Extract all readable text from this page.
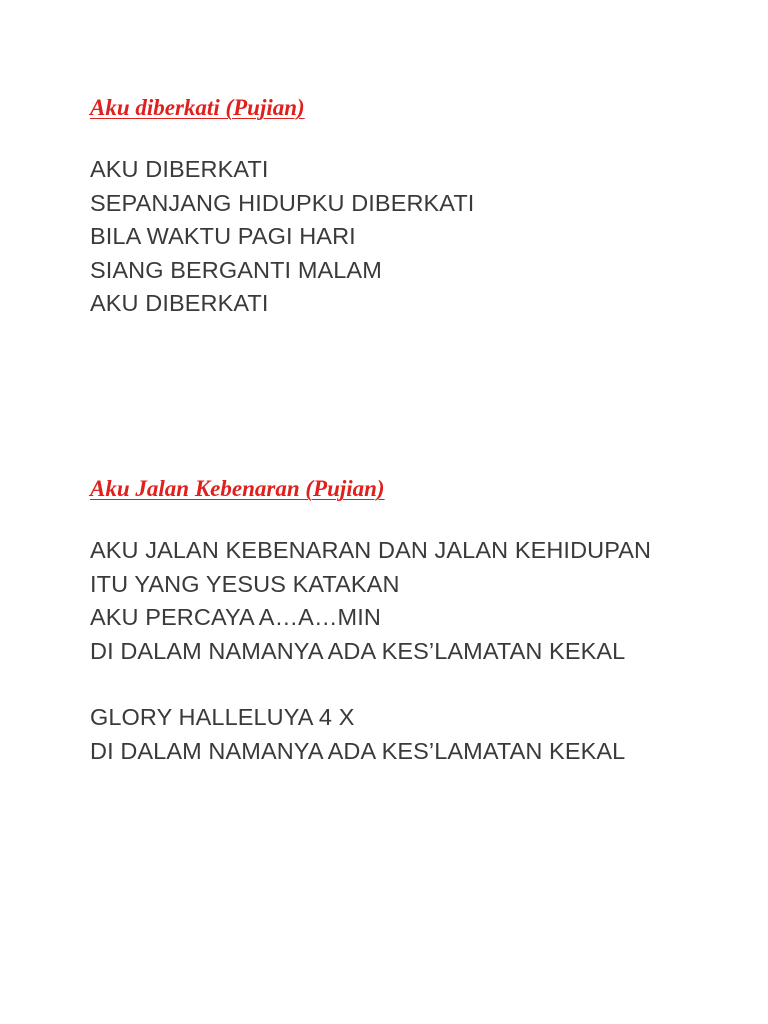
Aku diberkati (Pujian)
AKU DIBERKATI
SEPANJANG HIDUPKU DIBERKATI
BILA WAKTU PAGI HARI
SIANG BERGANTI MALAM
AKU DIBERKATI
Aku Jalan Kebenaran (Pujian)
AKU JALAN KEBENARAN DAN JALAN KEHIDUPAN
ITU YANG YESUS KATAKAN
AKU PERCAYA A…A…MIN
DI DALAM NAMANYA ADA KES’LAMATAN KEKAL
GLORY HALLELUYA 4 X
DI DALAM NAMANYA ADA KES’LAMATAN KEKAL
